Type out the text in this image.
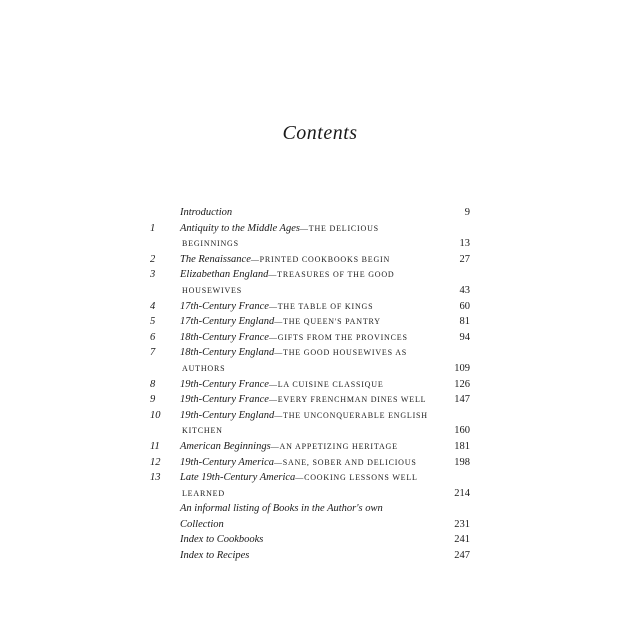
Contents
Introduction	9
1	Antiquity to the Middle Ages—THE DELICIOUS
BEGINNINGS	13
2	The Renaissance—PRINTED COOKBOOKS BEGIN	27
3	Elizabethan England—TREASURES OF THE GOOD
HOUSEWIVES	43
4	17th-Century France—THE TABLE OF KINGS	60
5	17th-Century England—THE QUEEN'S PANTRY	81
6	18th-Century France—GIFTS FROM THE PROVINCES	94
7	18th-Century England—THE GOOD HOUSEWIVES AS
AUTHORS	109
8	19th-Century France—LA CUISINE CLASSIQUE	126
9	19th-Century France—EVERY FRENCHMAN DINES WELL	147
10	19th-Century England—THE UNCONQUERABLE ENGLISH
KITCHEN	160
11	American Beginnings—AN APPETIZING HERITAGE	181
12	19th-Century America—SANE, SOBER AND DELICIOUS	198
13	Late 19th-Century America—COOKING LESSONS WELL
LEARNED	214
An informal listing of Books in the Author's own
Collection	231
Index to Cookbooks	241
Index to Recipes	247
